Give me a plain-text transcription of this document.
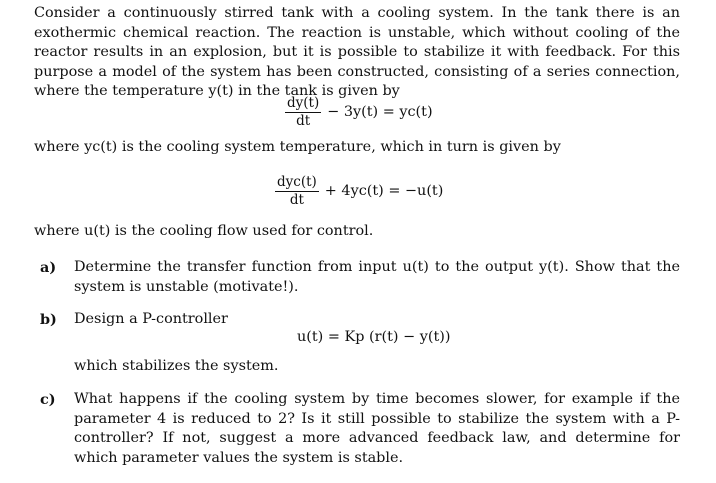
Consider a continuously stirred tank with a cooling system. In the tank there is an exothermic chemical reaction. The reaction is unstable, which without cooling of the reactor results in an explosion, but it is possible to stabilize it with feedback. For this purpose a model of the system has been constructed, consisting of a series connection, where the temperature y(t) in the tank is given by

$\frac{dy(t)}{dt} - 3y(t) = yc(t)$

where yc(t) is the cooling system temperature, which in turn is given by

$\frac{\text{dyc(t)}}{dt} + 4yc(t) = -u(t)$

where u(t) is the cooling flow used for control.

a) Determine the transfer function from input u(t) to the output y(t). Show that the system is unstable (motivate!).
b) Design a P-controller
u(t) = Kp (r(t) − y(t))
which stabilizes the system.
c) What happens if the cooling system by time becomes slower, for example if the parameter 4 is reduced to 2? Is it still possible to stabilize the system with a P-controller? If not, suggest a more advanced feedback law, and determine for which parameter values the system is stable.
